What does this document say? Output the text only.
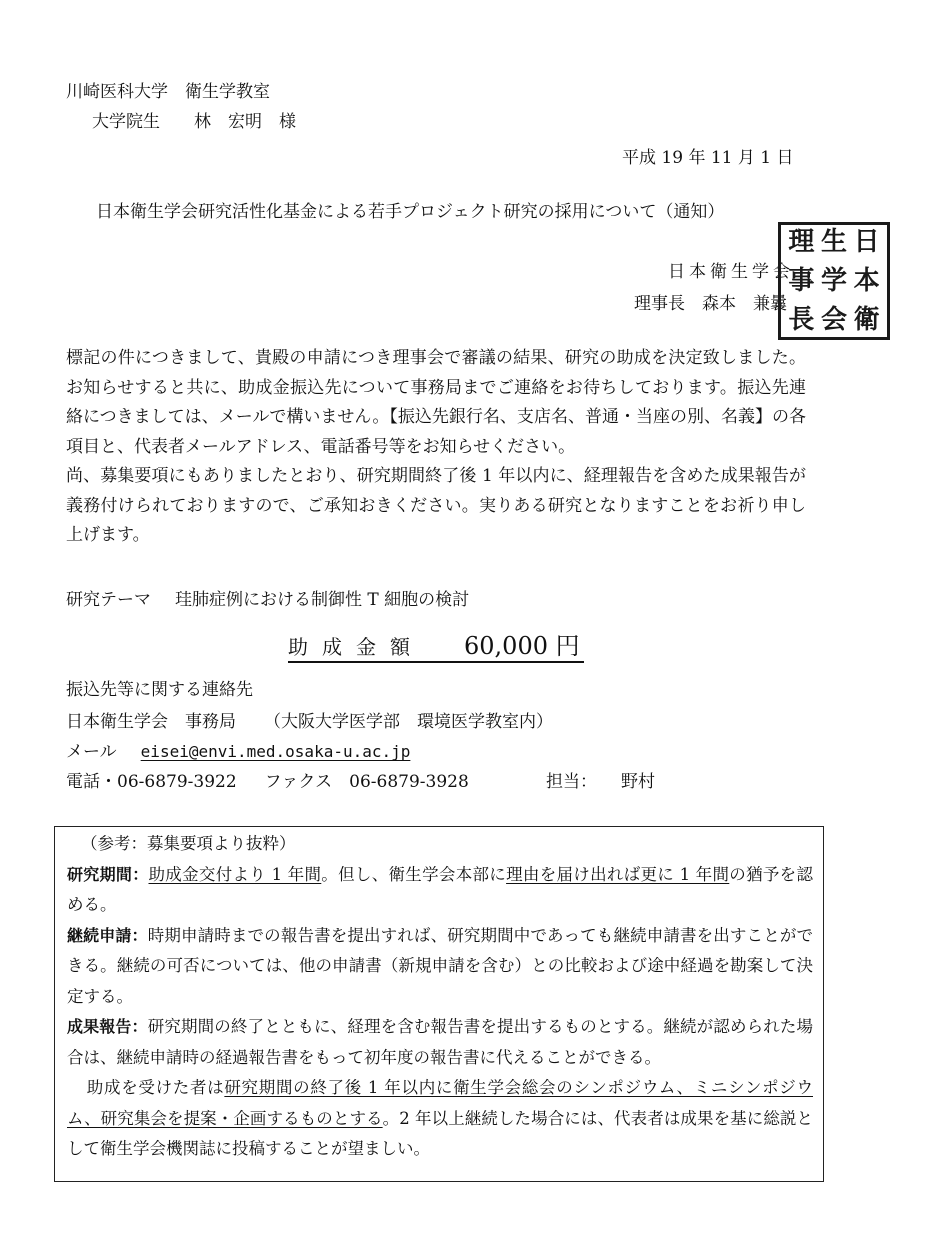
川崎医科大学　衛生学教室
大学院生　　林　宏明　様
平成 19 年 11 月 1 日
日本衛生学会研究活性化基金による若手プロジェクト研究の採用について（通知）
日本衛生学会
理事長　森本　兼曩
日
本
衛
生
学
会
理
事
長

標記の件につきまして、貴殿の申請につき理事会で審議の結果、研究の助成を決定致しました。お知らせすると共に、助成金振込先について事務局までご連絡をお待ちしております。振込先連絡につきましては、メールで構いません。【振込先銀行名、支店名、普通・当座の別、名義】の各項目と、代表者メールアドレス、電話番号等をお知らせください。

尚、募集要項にもありましたとおり、研究期間終了後 1 年以内に、経理報告を含めた成果報告が義務付けられておりますので、ご承知おきください。実りある研究となりますことをお祈り申し上げます。

研究テーマ 珪肺症例における制御性 T 細胞の検討
助成金額 60,000 円
振込先等に関する連絡先
日本衛生学会　事務局 （大阪大学医学部　環境医学教室内）
メール eisei@envi.med.osaka-u.ac.jp
電話・06-6879-3922 ファクス　06-6879-3928	担当： 野村

（参考：募集要項より抜粋）

研究期間：助成金交付より 1 年間。但し、衛生学会本部に理由を届け出れば更に 1 年間の猶予を認める。

継続申請：時期申請時までの報告書を提出すれば、研究期間中であっても継続申請書を出すことができる。継続の可否については、他の申請書（新規申請を含む）との比較および途中経過を勘案して決定する。

成果報告：研究期間の終了とともに、経理を含む報告書を提出するものとする。継続が認められた場合は、継続申請時の経過報告書をもって初年度の報告書に代えることができる。

助成を受けた者は研究期間の終了後 1 年以内に衛生学会総会のシンポジウム、ミニシンポジウム、研究集会を提案・企画するものとする。2 年以上継続した場合には、代表者は成果を基に総説として衛生学会機関誌に投稿することが望ましい。
